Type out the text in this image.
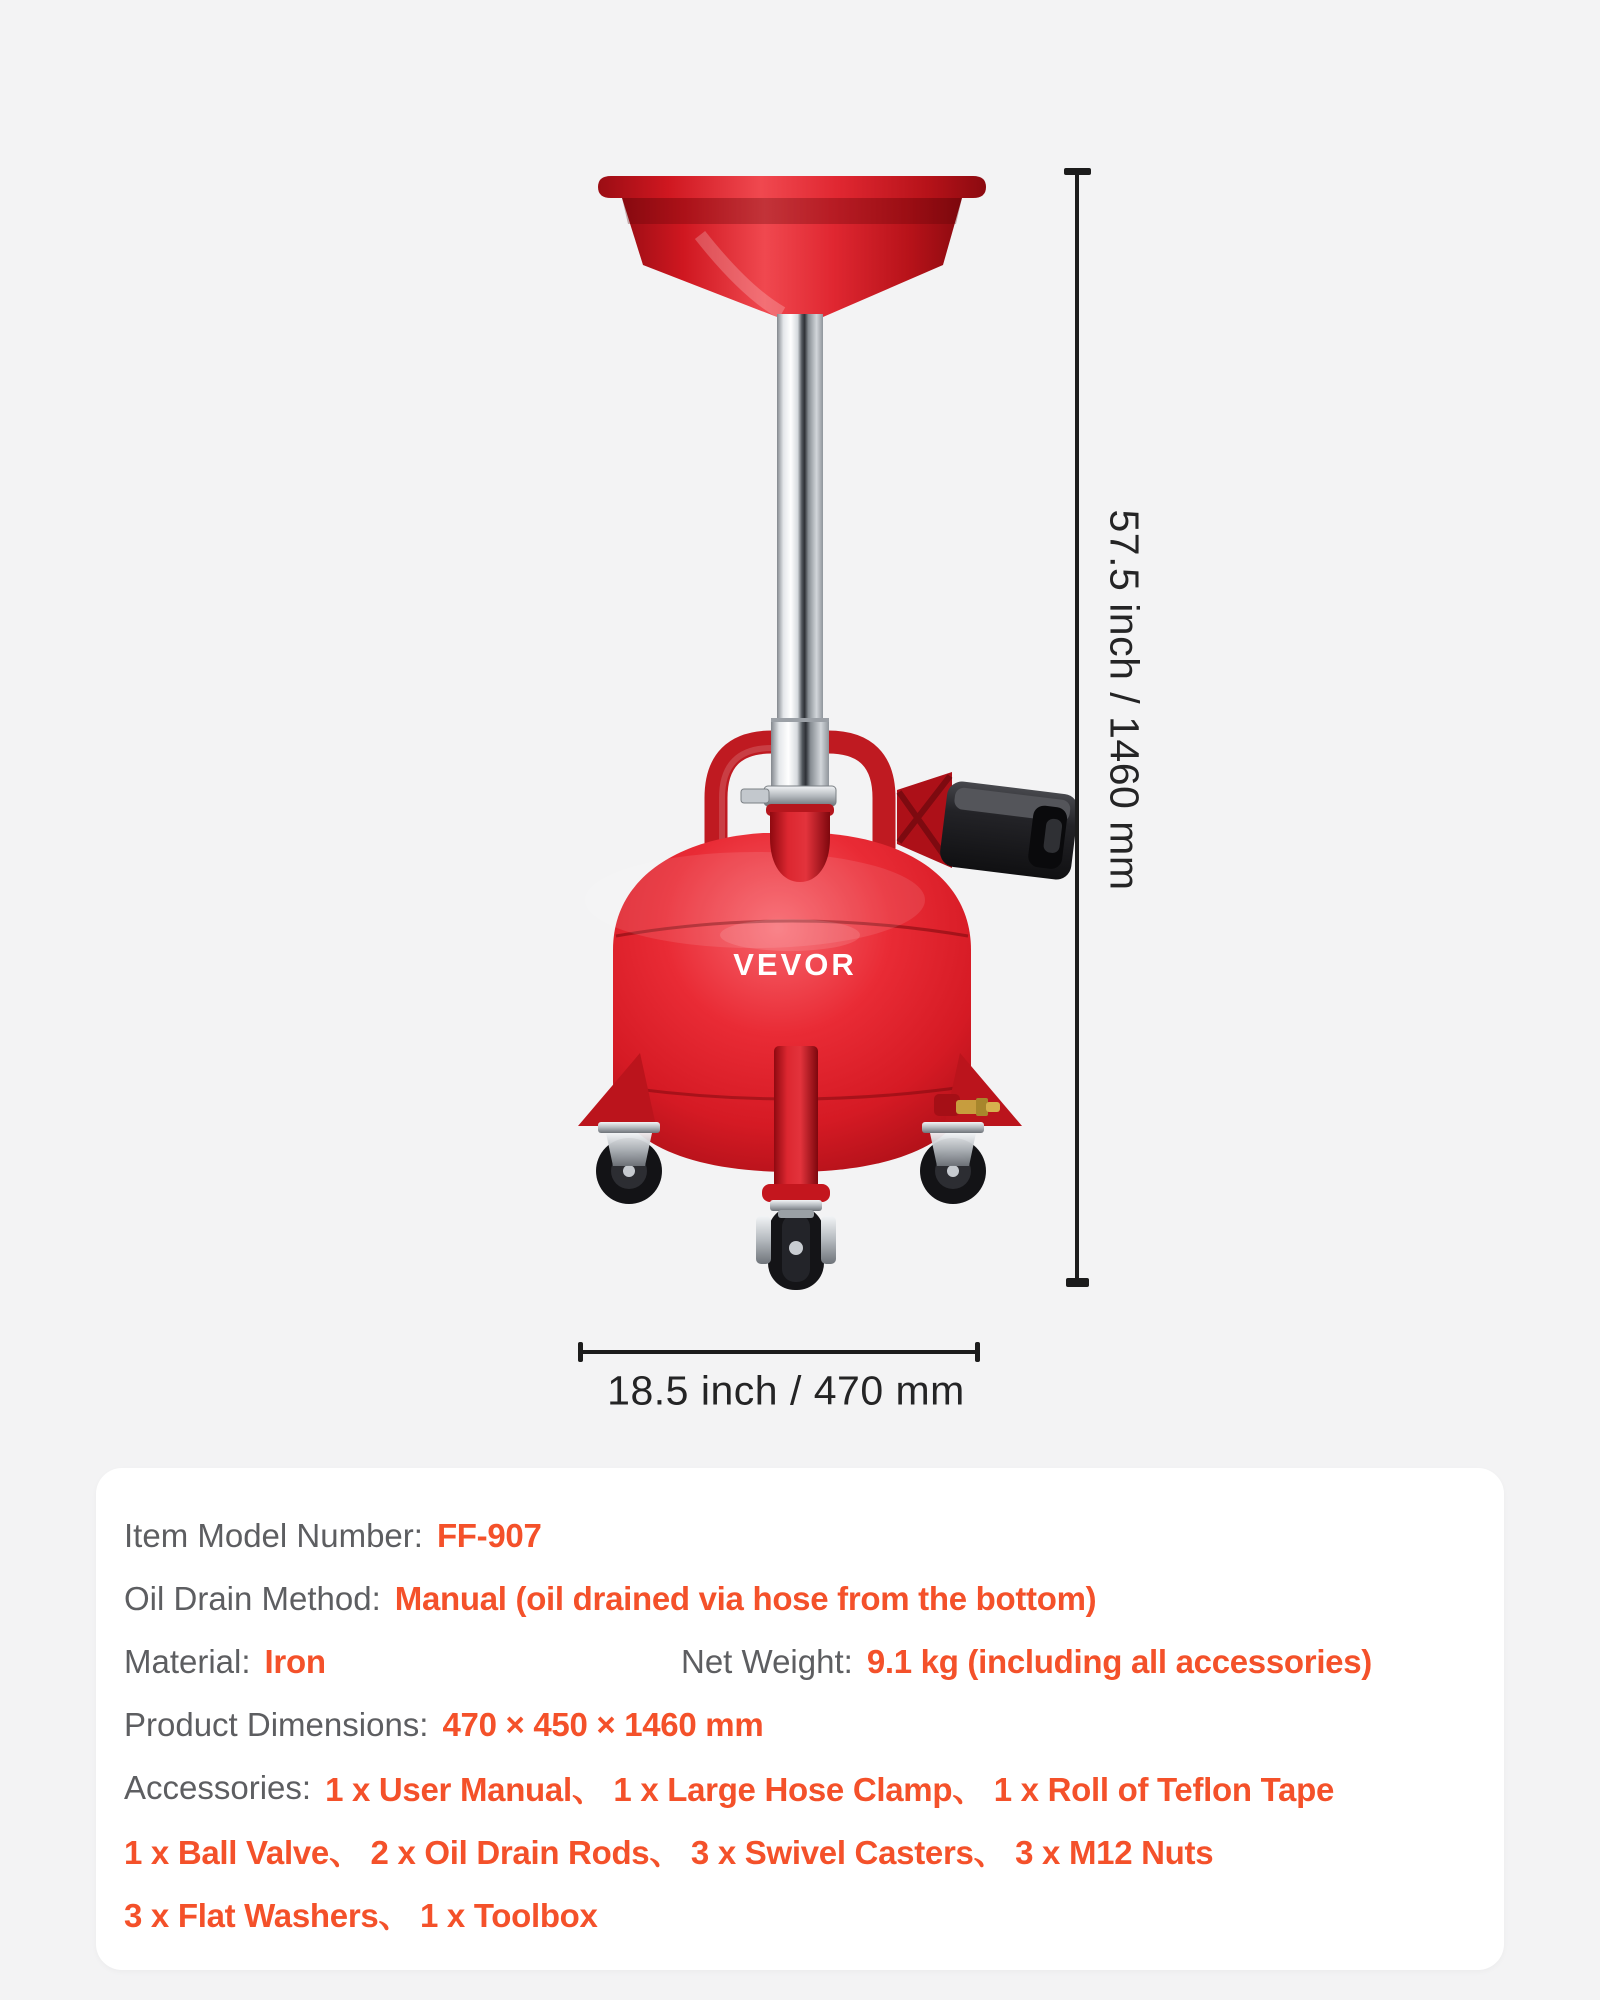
57.5 inch / 1460 mm
18.5 inch / 470 mm
VEVOR
Item Model Number: FF-907
Oil Drain Method: Manual (oil drained via hose from the bottom)
Material: Iron	Net Weight: 9.1 kg (including all accessories)
Product Dimensions: 470 × 450 × 1460 mm
Accessories: 1 x User Manual、 1 x Large Hose Clamp、 1 x Roll of Teflon Tape
1 x Ball Valve、 2 x Oil Drain Rods、 3 x Swivel Casters、 3 x M12 Nuts
3 x Flat Washers、 1 x Toolbox
